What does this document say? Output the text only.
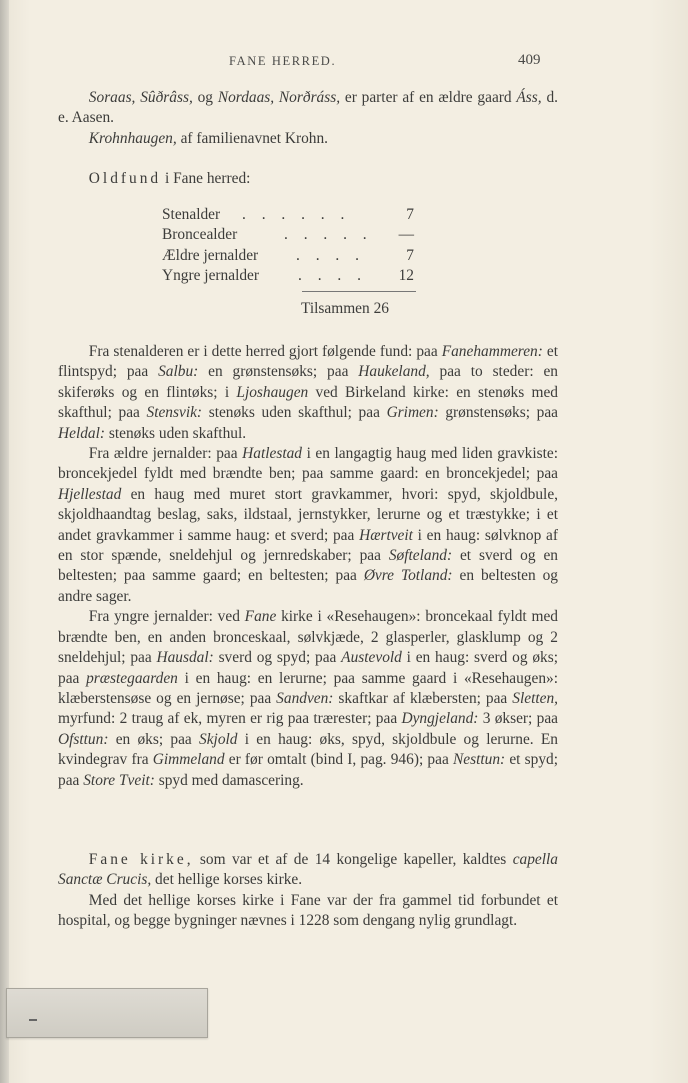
FANE HERRED.	409

Soraas, Sûðrâss, og Nordaas, Norðráss, er parter af en ældre gaard Áss, d. e. Aasen.

Krohnhaugen, af familienavnet Krohn.

Oldfund i Fane herred:

Stenalder . . . . . .	7
Broncealder	. . . . . —
Ældre jernalder . . . .	7
Yngre jernalder	. . . . 12
Tilsammen 26

Fra stenalderen er i dette herred gjort følgende fund: paa Fanehammeren: et flintspyd; paa Salbu: en grønstensøks; paa Haukeland, paa to steder: en skiferøks og en flintøks; i Ljoshaugen ved Birkeland kirke: en stenøks med skafthul; paa Stensvik: stenøks uden skafthul; paa Grimen: grønstensøks; paa Heldal: stenøks uden skafthul.

Fra ældre jernalder: paa Hatlestad i en langagtig haug med liden gravkiste: broncekjedel fyldt med brændte ben; paa samme gaard: en broncekjedel; paa Hjellestad en haug med muret stort gravkammer, hvori: spyd, skjoldbule, skjoldhaandtag beslag, saks, ildstaal, jernstykker, lerurne og et træstykke; i et andet gravkammer i samme haug: et sverd; paa Hærtveit i en haug: sølvknop af en stor spænde, sneldehjul og jernredskaber; paa Søfteland: et sverd og en beltesten; paa samme gaard; en beltesten; paa Øvre Totland: en beltesten og andre sager.

Fra yngre jernalder: ved Fane kirke i «Resehaugen»: broncekaal fyldt med brændte ben, en anden bronceskaal, sølvkjæde, 2 glasperler, glasklump og 2 sneldehjul; paa Hausdal: sverd og spyd; paa Austevold i en haug: sverd og øks; paa præstegaarden i en haug: en lerurne; paa samme gaard i «Resehaugen»: klæberstensøse og en jernøse; paa Sandven: skaftkar af klæbersten; paa Sletten, myrfund: 2 traug af ek, myren er rig paa trærester; paa Dyngjeland: 3 økser; paa Ofsttun: en øks; paa Skjold i en haug: øks, spyd, skjoldbule og lerurne. En kvindegrav fra Gimmeland er før omtalt (bind I, pag. 946); paa Nesttun: et spyd; paa Store Tveit: spyd med damascering.

Fane kirke, som var et af de 14 kongelige kapeller, kaldtes capella Sanctæ Crucis, det hellige korses kirke.

Med det hellige korses kirke i Fane var der fra gammel tid forbundet et hospital, og begge bygninger nævnes i 1228 som dengang nylig grundlagt.
